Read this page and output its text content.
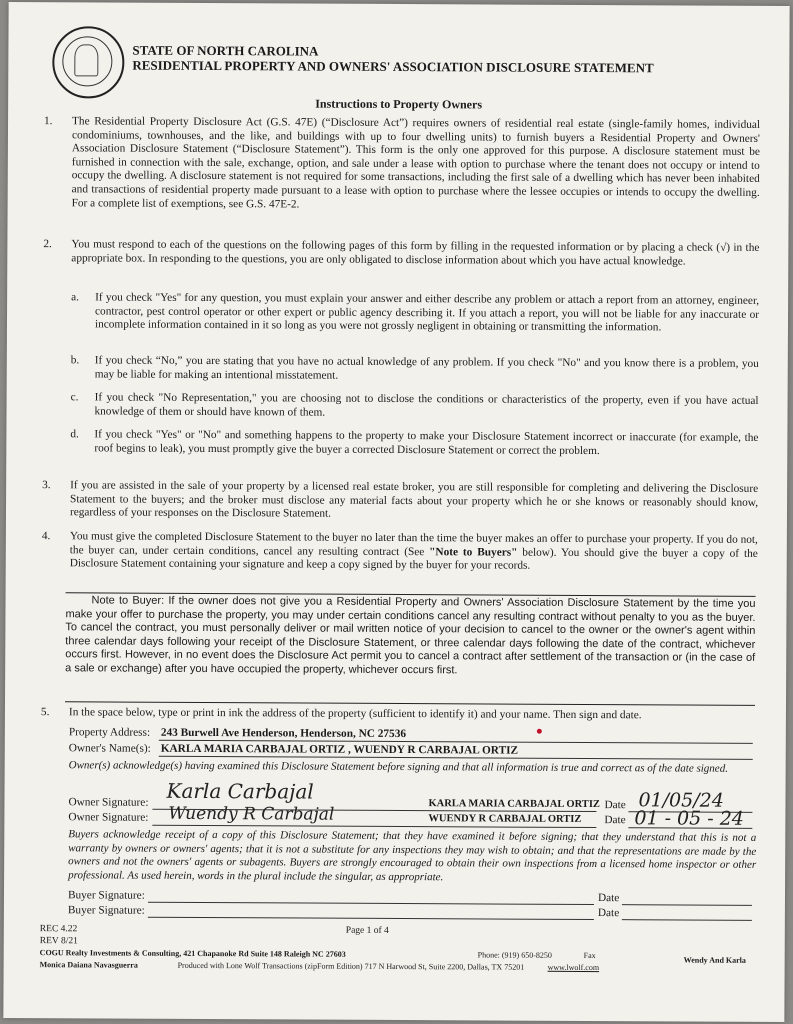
STATE OF NORTH CAROLINA
RESIDENTIAL PROPERTY AND OWNERS' ASSOCIATION DISCLOSURE STATEMENT
Instructions to Property Owners
1. The Residential Property Disclosure Act (G.S. 47E) (“Disclosure Act”) requires owners of residential real estate (single-family homes, individual condominiums, townhouses, and the like, and buildings with up to four dwelling units) to furnish buyers a Residential Property and Owners' Association Disclosure Statement (“Disclosure Statement”). This form is the only one approved for this purpose. A disclosure statement must be furnished in connection with the sale, exchange, option, and sale under a lease with option to purchase where the tenant does not occupy or intend to occupy the dwelling. A disclosure statement is not required for some transactions, including the first sale of a dwelling which has never been inhabited and transactions of residential property made pursuant to a lease with option to purchase where the lessee occupies or intends to occupy the dwelling. For a complete list of exemptions, see G.S. 47E-2.
2. You must respond to each of the questions on the following pages of this form by filling in the requested information or by placing a check (√) in the appropriate box. In responding to the questions, you are only obligated to disclose information about which you have actual knowledge.
a. If you check "Yes" for any question, you must explain your answer and either describe any problem or attach a report from an attorney, engineer, contractor, pest control operator or other expert or public agency describing it. If you attach a report, you will not be liable for any inaccurate or incomplete information contained in it so long as you were not grossly negligent in obtaining or transmitting the information.
b. If you check “No,” you are stating that you have no actual knowledge of any problem. If you check "No" and you know there is a problem, you may be liable for making an intentional misstatement.
c. If you check "No Representation," you are choosing not to disclose the conditions or characteristics of the property, even if you have actual knowledge of them or should have known of them.
d. If you check "Yes" or "No" and something happens to the property to make your Disclosure Statement incorrect or inaccurate (for example, the roof begins to leak), you must promptly give the buyer a corrected Disclosure Statement or correct the problem.
3. If you are assisted in the sale of your property by a licensed real estate broker, you are still responsible for completing and delivering the Disclosure Statement to the buyers; and the broker must disclose any material facts about your property which he or she knows or reasonably should know, regardless of your responses on the Disclosure Statement.
4. You must give the completed Disclosure Statement to the buyer no later than the time the buyer makes an offer to purchase your property. If you do not, the buyer can, under certain conditions, cancel any resulting contract (See "Note to Buyers" below). You should give the buyer a copy of the Disclosure Statement containing your signature and keep a copy signed by the buyer for your records.
Note to Buyer: If the owner does not give you a Residential Property and Owners' Association Disclosure Statement by the time you make your offer to purchase the property, you may under certain conditions cancel any resulting contract without penalty to you as the buyer. To cancel the contract, you must personally deliver or mail written notice of your decision to cancel to the owner or the owner's agent within three calendar days following your receipt of the Disclosure Statement, or three calendar days following the date of the contract, whichever occurs first. However, in no event does the Disclosure Act permit you to cancel a contract after settlement of the transaction or (in the case of a sale or exchange) after you have occupied the property, whichever occurs first.
5. In the space below, type or print in ink the address of the property (sufficient to identify it) and your name. Then sign and date.
Property Address: 243 Burwell Ave Henderson, Henderson, NC 27536
Owner's Name(s): KARLA MARIA CARBAJAL ORTIZ , WUENDY R CARBAJAL ORTIZ
Owner(s) acknowledge(s) having examined this Disclosure Statement before signing and that all information is true and correct as of the date signed.
Owner Signature: Karla Carbajal
KARLA MARIA CARBAJAL ORTIZ Date 01/05/24
Owner Signature: Wuendy R Carbajal	WUENDY R CARBAJAL ORTIZ Date 01 - 05 - 24
Buyers acknowledge receipt of a copy of this Disclosure Statement; that they have examined it before signing; that they understand that this is not a warranty by owners or owners' agents; that it is not a substitute for any inspections they may wish to obtain; and that the representations are made by the owners and not the owners' agents or subagents. Buyers are strongly encouraged to obtain their own inspections from a licensed home inspector or other professional. As used herein, words in the plural include the singular, as appropriate.
Buyer Signature:	Date
Buyer Signature:	Date
REC 4.22
REV 8/21
Page 1 of 4
COGU Realty Investments & Consulting, 421 Chapanoke Rd Suite 148 Raleigh NC 27603	Phone: (919) 650-8250	Fax	Wendy And Karla
Monica Daiana Navasguerra	Produced with Lone Wolf Transactions (zipForm Edition) 717 N Harwood St, Suite 2200, Dallas, TX 75201	www.lwolf.com
